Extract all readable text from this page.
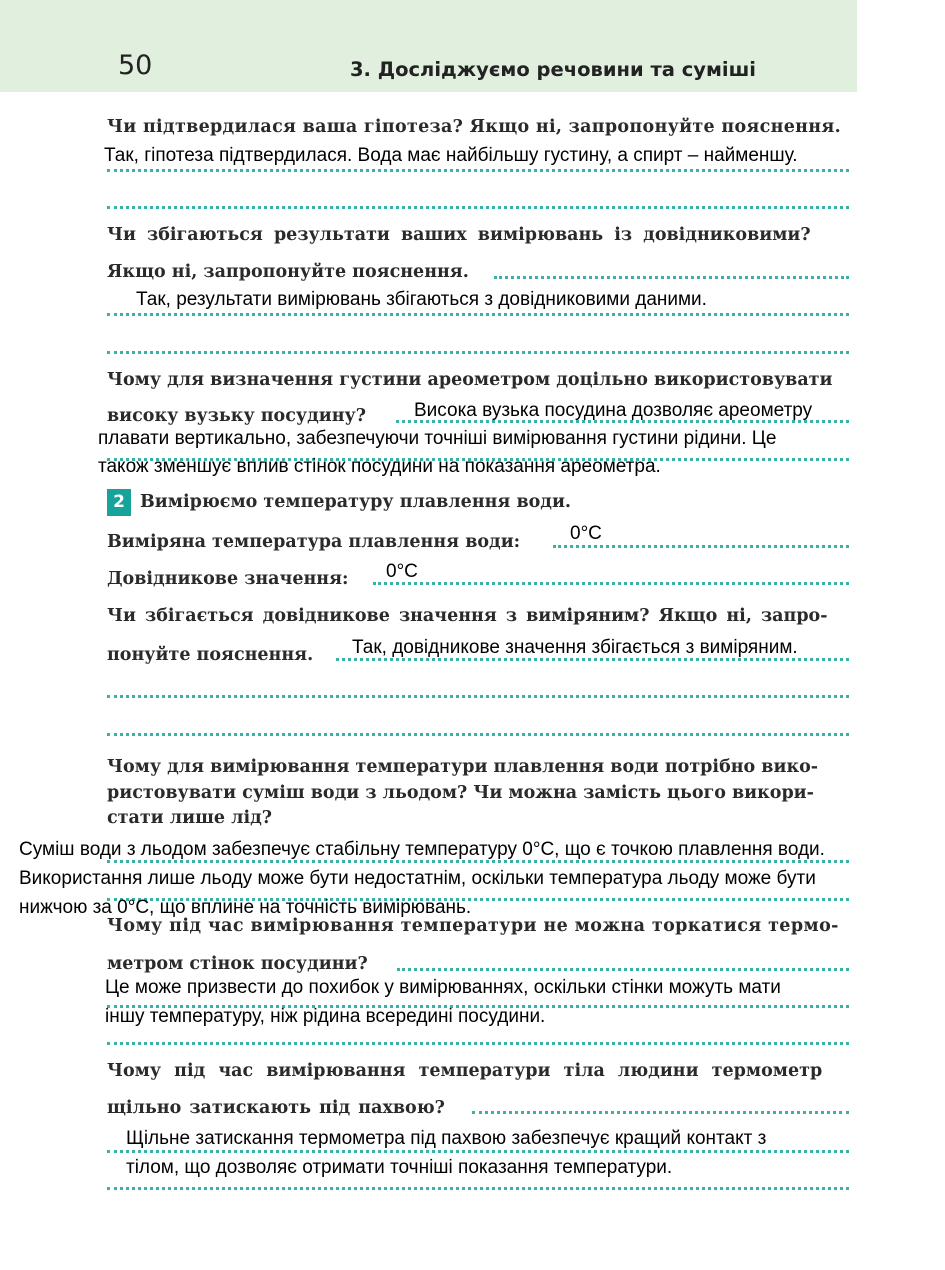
50	3. Досліджуємо речовини та суміші
Чи підтвердилася ваша гіпотеза? Якщо ні, запропонуйте пояснення.
Так, гіпотеза підтвердилася. Вода має найбільшу густину, а спирт – найменшу.
Чи збігаються результати ваших вимірювань із довідниковими?
Якщо ні, запропонуйте пояснення.
Так, результати вимірювань збігаються з довідниковими даними.
Чому для визначення густини ареометром доцільно використовувати
високу вузьку посудину?	Висока вузька посудина дозволяє ареометру
плавати вертикально, забезпечуючи точніші вимірювання густини рідини. Це
також зменшує вплив стінок посудини на показання ареометра.
2 Вимірюємо температуру плавлення води.
Виміряна температура плавлення води:	0°С
Довідникове значення:	0°С
Чи збігається довідникове значення з виміряним? Якщо ні, запро-
понуйте пояснення.	Так, довідникове значення збігається з виміряним.
Чому для вимірювання температури плавлення води потрібно вико-
ристовувати суміш води з льодом? Чи можна замість цього викори-
стати лише лід?
Суміш води з льодом забезпечує стабільну температуру 0°С, що є точкою плавлення води.
Використання лише льоду може бути недостатнім, оскільки температура льоду може бути
нижчою за 0°С, що вплине на точність вимірювань.
Чому під час вимірювання температури не можна торкатися термо-
метром стінок посудини?
Це може призвести до похибок у вимірюваннях, оскільки стінки можуть мати
іншу температуру, ніж рідина всередині посудини.
Чому під час вимірювання температури тіла людини термометр
щільно затискають під пахвою?
Щільне затискання термометра під пахвою забезпечує кращий контакт з
тілом, що дозволяє отримати точніші показання температури.
